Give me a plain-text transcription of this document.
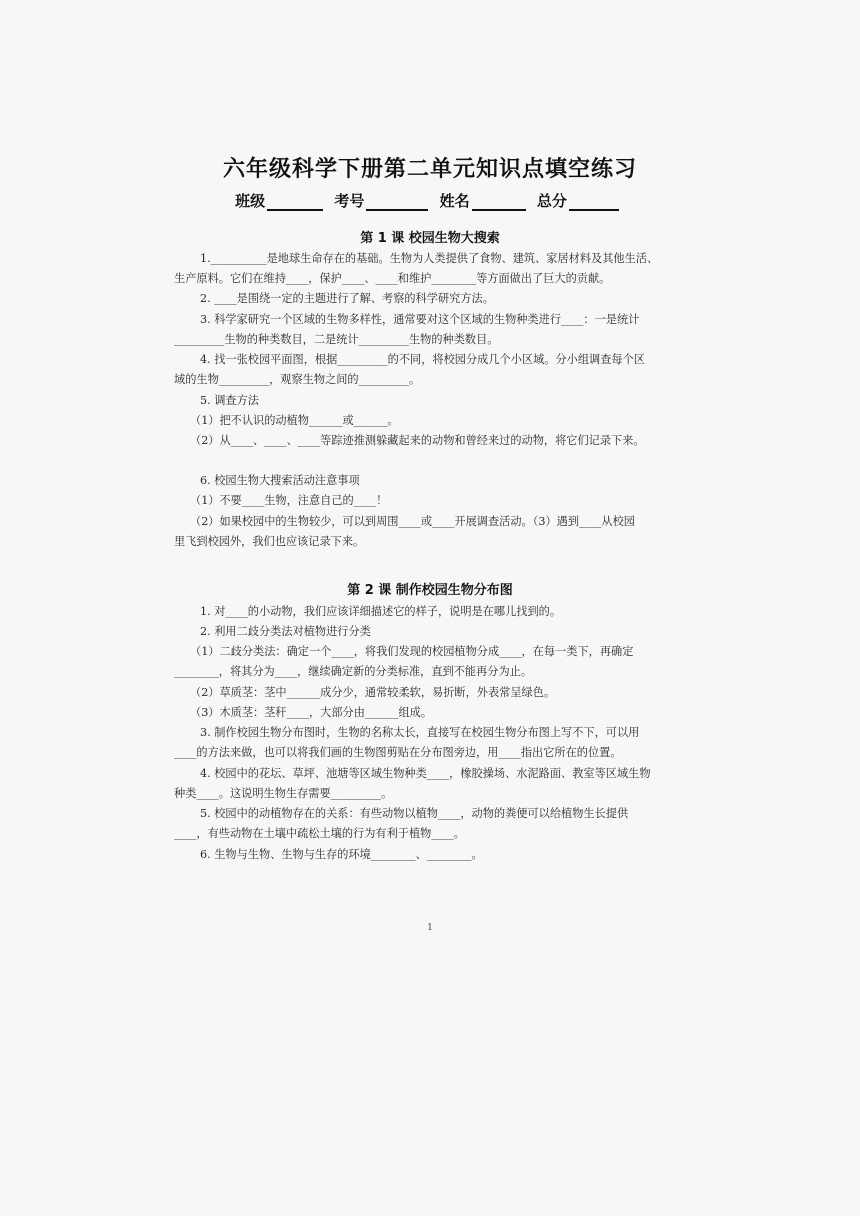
六年级科学下册第二单元知识点填空练习
班级	考号	姓名	总分
第 1 课 校园生物大搜索
1.__________是地球生命存在的基础。生物为人类提供了食物、建筑、家居材料及其他生活、
生产原料。它们在维持____，保护____、____和维护________等方面做出了巨大的贡献。
2. ____是围绕一定的主题进行了解、考察的科学研究方法。
3. 科学家研究一个区域的生物多样性，通常要对这个区域的生物种类进行____：一是统计
_________生物的种类数目，二是统计_________生物的种类数目。
4. 找一张校园平面图，根据_________的不同，将校园分成几个小区域。分小组调查每个区
域的生物_________，观察生物之间的_________。
5. 调查方法
（1）把不认识的动植物______或______。
（2）从____、____、____等踪迹推测躲藏起来的动物和曾经来过的动物，将它们记录下来。
6. 校园生物大搜索活动注意事项
（1）不要____生物，注意自己的____！
（2）如果校园中的生物较少，可以到周围____或____开展调查活动。（3）遇到____从校园
里飞到校园外，我们也应该记录下来。
第 2 课 制作校园生物分布图
1. 对____的小动物，我们应该详细描述它的样子，说明是在哪儿找到的。
2. 利用二歧分类法对植物进行分类
（1）二歧分类法：确定一个____，将我们发现的校园植物分成____，在每一类下，再确定
________，将其分为____，继续确定新的分类标准，直到不能再分为止。
（2）草质茎：茎中______成分少，通常较柔软，易折断，外表常呈绿色。
（3）木质茎：茎秆____，大部分由______组成。
3. 制作校园生物分布图时，生物的名称太长，直接写在校园生物分布图上写不下，可以用
____的方法来做，也可以将我们画的生物图剪贴在分布图旁边，用____指出它所在的位置。
4. 校园中的花坛、草坪、池塘等区域生物种类____，橡胶操场、水泥路面、教室等区域生物
种类____。这说明生物生存需要_________。
5. 校园中的动植物存在的关系：有些动物以植物____，动物的粪便可以给植物生长提供
____，有些动物在土壤中疏松土壤的行为有利于植物____。
6. 生物与生物、生物与生存的环境________、________。
1
